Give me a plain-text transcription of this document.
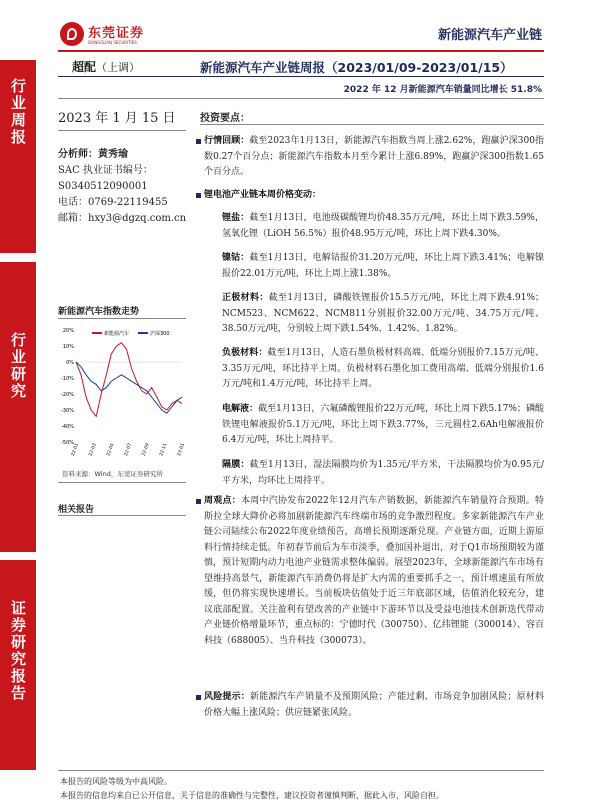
东莞证券
DONGGUAN SECURITIES	新能源汽车产业链
行业周报
行业研究
证券研究报告
超配（上调）	新能源汽车产业链周报（2023/01/09-2023/01/15）
2022 年 12 月新能源汽车销量同比增长 51.8%
2023 年 1 月 15 日
分析师：黄秀瑜
SAC 执业证书编号：
S0340512090001
电话：0769-22119455
邮箱：hxy3@dgzq.com.cn
新能源汽车指数走势
20%
10%
0%
-10%
-20%
-30%
-40%
-50%
22-01 22-03 22-05 22-07 22-09 22-11 23-01
新能源汽车	沪深300
资料来源：Wind，东莞证券研究所
相关报告
投资要点：
行情回顾：截至2023年1月13日，新能源汽车指数当周上涨2.62%，跑赢沪深300指数0.27个百分点；新能源汽车指数本月至今累计上涨6.89%，跑赢沪深300指数1.65个百分点。
锂电池产业链本周价格变动：
锂盐：截至1月13日，电池级碳酸锂均价48.35万元/吨，环比上周下跌3.59%，氢氧化锂（LiOH 56.5%）报价48.95万元/吨，环比上周下跌4.30%。
镍钴：截至1月13日，电解钴报价31.20万元/吨，环比上周下跌3.41%；电解镍报价22.01万元/吨，环比上周上涨1.38%。
正极材料：截至1月13日，磷酸铁锂报价15.5万元/吨，环比上周下跌4.91%；NCM523、NCM622、NCM811分别报价32.00万元/吨、34.75万元/吨、38.50万元/吨，分别较上周下跌1.54%、1.42%、1.82%。
负极材料：截至1月13日，人造石墨负极材料高端、低端分别报价7.15万元/吨、3.35万元/吨，环比持平上周。负极材料石墨化加工费用高端、低端分别报价1.6万元/吨和1.4万元/吨，环比持平上周。
电解液：截至1月13日，六氟磷酸锂报价22万元/吨，环比上周下跌5.17%；磷酸铁锂电解液报价5.1万元/吨，环比上周下跌3.77%，三元圆柱2.6Ah电解液报价6.4万元/吨，环比上周持平。
隔膜：截至1月13日，湿法隔膜均价为1.35元/平方米，干法隔膜均价为0.95元/平方米，均环比上周持平。
周观点：本周中汽协发布2022年12月汽车产销数据，新能源汽车销量符合预期。特斯拉全球大降价必将加剧新能源汽车终端市场的竞争激烈程度。多家新能源汽车产业链公司陆续公布2022年度业绩预告，高增长预期逐渐兑现。产业链方面，近期上游原料行情持续走低。年初春节前后为车市淡季，叠加国补退出，对于Q1市场预期较为谨慎，预计短期内动力电池产业链需求整体偏弱。展望2023年，全球新能源汽车市场有望维持高景气，新能源汽车消费仍将是扩大内需的重要抓手之一，预计增速虽有所放缓，但仍将实现快速增长。当前板块估值处于近三年底部区域，估值消化较充分，建议底部配置。关注盈利有望改善的产业链中下游环节以及受益电池技术创新迭代带动产业链价格增量环节，重点标的：宁德时代（300750）、亿纬锂能（300014）、容百科技（688005）、当升科技（300073）。
风险提示：新能源汽车产销量不及预期风险；产能过剩、市场竞争加剧风险；原材料价格大幅上涨风险；供应链紧张风险。
本报告的风险等级为中高风险。
本报告的信息均来自已公开信息，关于信息的准确性与完整性，建议投资者谨慎判断，据此入市，风险自担。
